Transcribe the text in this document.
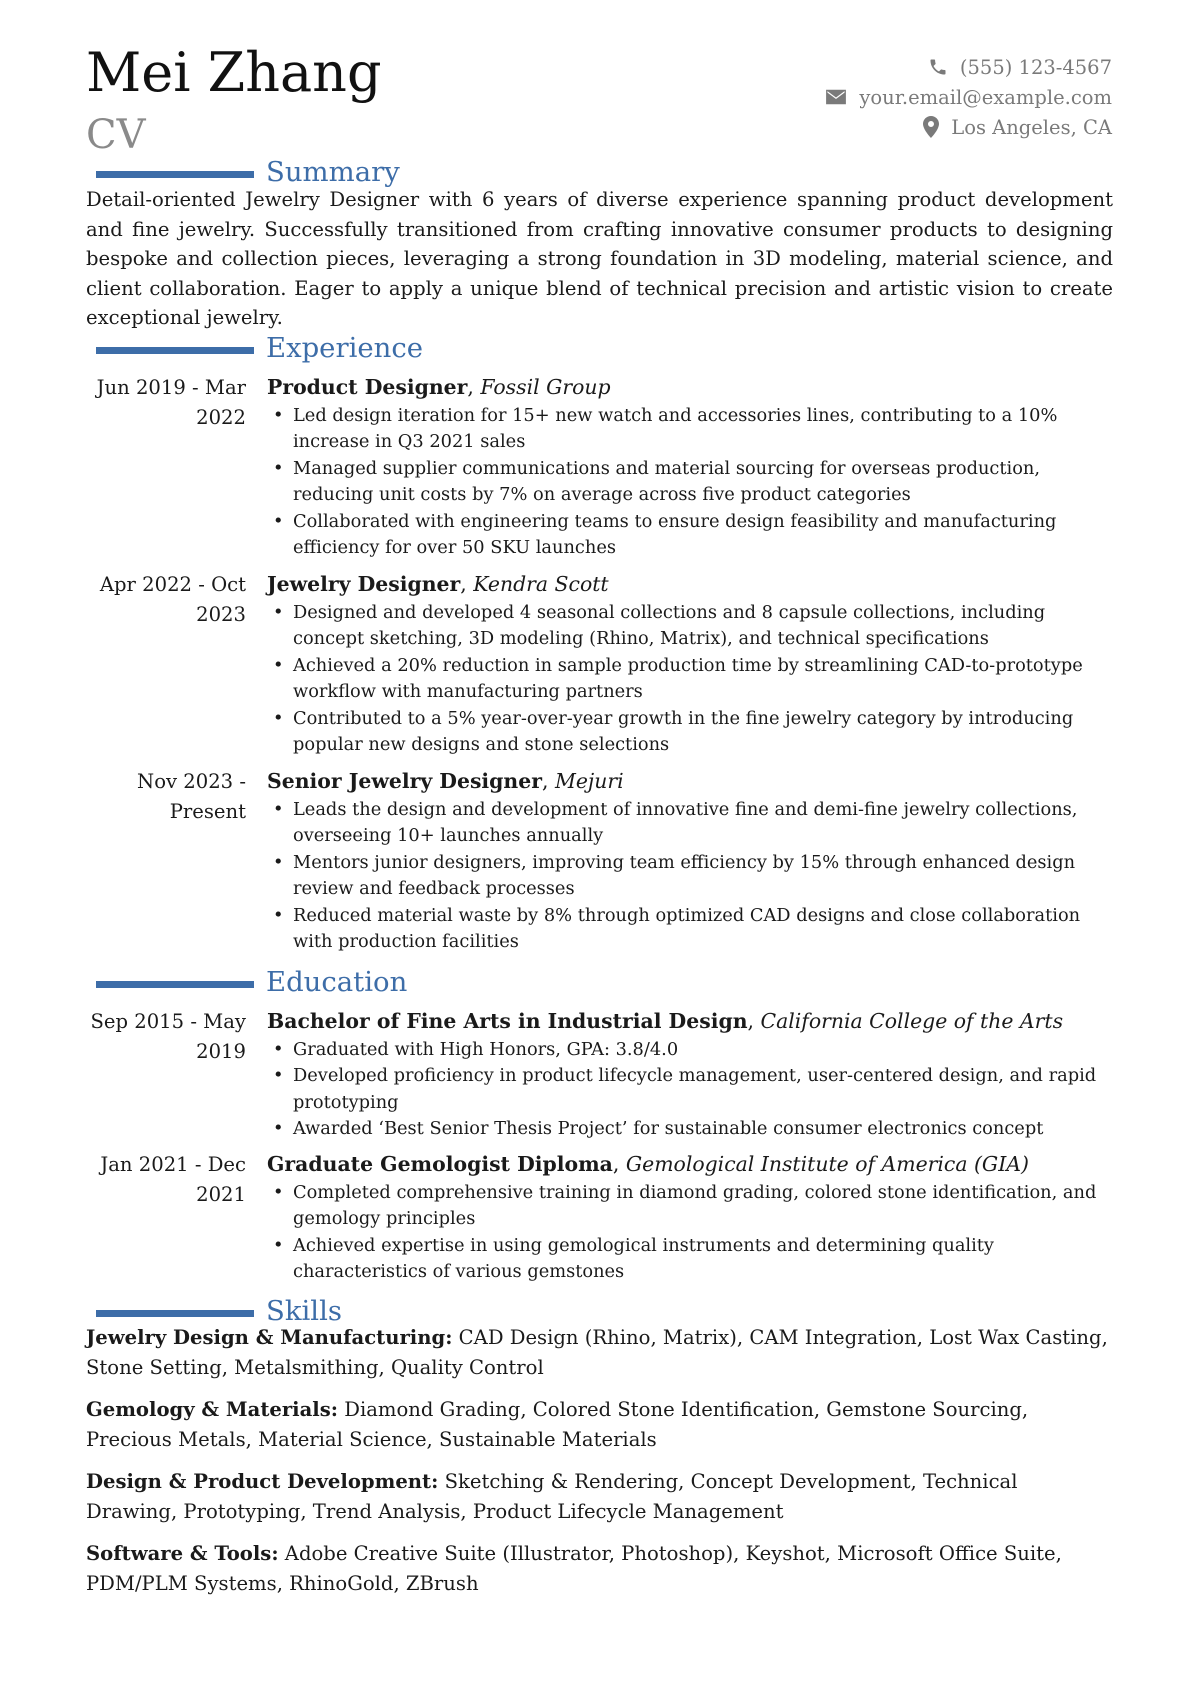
Mei Zhang
CV
(555) 123-4567
your.email@example.com
Los Angeles, CA
Summary
Detail-oriented Jewelry Designer with 6 years of diverse experience spanning product development and fine jewelry. Successfully transitioned from crafting innovative consumer products to designing bespoke and collection pieces, leveraging a strong foundation in 3D modeling, material science, and client collaboration. Eager to apply a unique blend of technical precision and artistic vision to create exceptional jewelry.
Experience
Jun 2019 - Mar 2022
Product Designer, Fossil Group
• Led design iteration for 15+ new watch and accessories lines, contributing to a 10% increase in Q3 2021 sales
• Managed supplier communications and material sourcing for overseas production, reducing unit costs by 7% on average across five product categories
• Collaborated with engineering teams to ensure design feasibility and manufacturing efficiency for over 50 SKU launches
Apr 2022 - Oct 2023
Jewelry Designer, Kendra Scott
• Designed and developed 4 seasonal collections and 8 capsule collections, including concept sketching, 3D modeling (Rhino, Matrix), and technical specifications
• Achieved a 20% reduction in sample production time by streamlining CAD-to-prototype workflow with manufacturing partners
• Contributed to a 5% year-over-year growth in the fine jewelry category by introducing popular new designs and stone selections
Nov 2023 - Present
Senior Jewelry Designer, Mejuri
• Leads the design and development of innovative fine and demi-fine jewelry collections, overseeing 10+ launches annually
• Mentors junior designers, improving team efficiency by 15% through enhanced design review and feedback processes
• Reduced material waste by 8% through optimized CAD designs and close collaboration with production facilities
Education
Sep 2015 - May 2019
Bachelor of Fine Arts in Industrial Design, California College of the Arts
• Graduated with High Honors, GPA: 3.8/4.0
• Developed proficiency in product lifecycle management, user-centered design, and rapid prototyping
• Awarded ‘Best Senior Thesis Project’ for sustainable consumer electronics concept
Jan 2021 - Dec 2021
Graduate Gemologist Diploma, Gemological Institute of America (GIA)
• Completed comprehensive training in diamond grading, colored stone identification, and gemology principles
• Achieved expertise in using gemological instruments and determining quality characteristics of various gemstones
Skills
Jewelry Design & Manufacturing: CAD Design (Rhino, Matrix), CAM Integration, Lost Wax Casting, Stone Setting, Metalsmithing, Quality Control
Gemology & Materials: Diamond Grading, Colored Stone Identification, Gemstone Sourcing, Precious Metals, Material Science, Sustainable Materials
Design & Product Development: Sketching & Rendering, Concept Development, Technical Drawing, Prototyping, Trend Analysis, Product Lifecycle Management
Software & Tools: Adobe Creative Suite (Illustrator, Photoshop), Keyshot, Microsoft Office Suite, PDM/PLM Systems, RhinoGold, ZBrush
